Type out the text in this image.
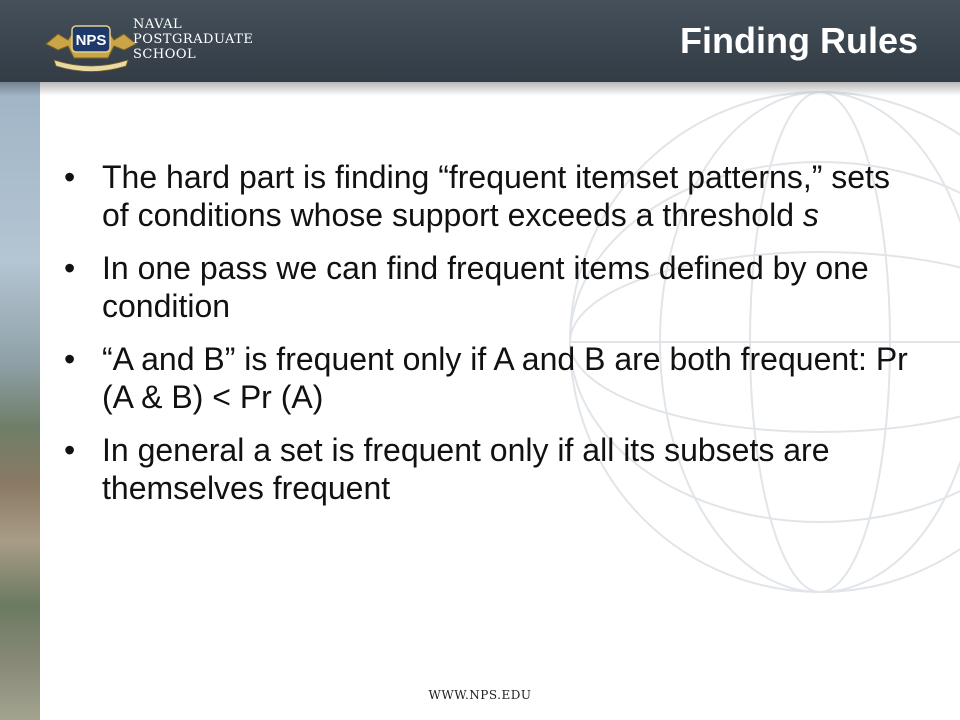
NPS

NAVAL
POSTGRADUATE
SCHOOL	Finding Rules
• The hard part is finding “frequent itemset patterns,” sets of conditions whose support exceeds a threshold s
• In one pass we can find frequent items defined by one condition
• “A and B” is frequent only if A and B are both frequent: Pr (A & B) < Pr (A)
• In general a set is frequent only if all its subsets are themselves frequent
WWW.NPS.EDU
